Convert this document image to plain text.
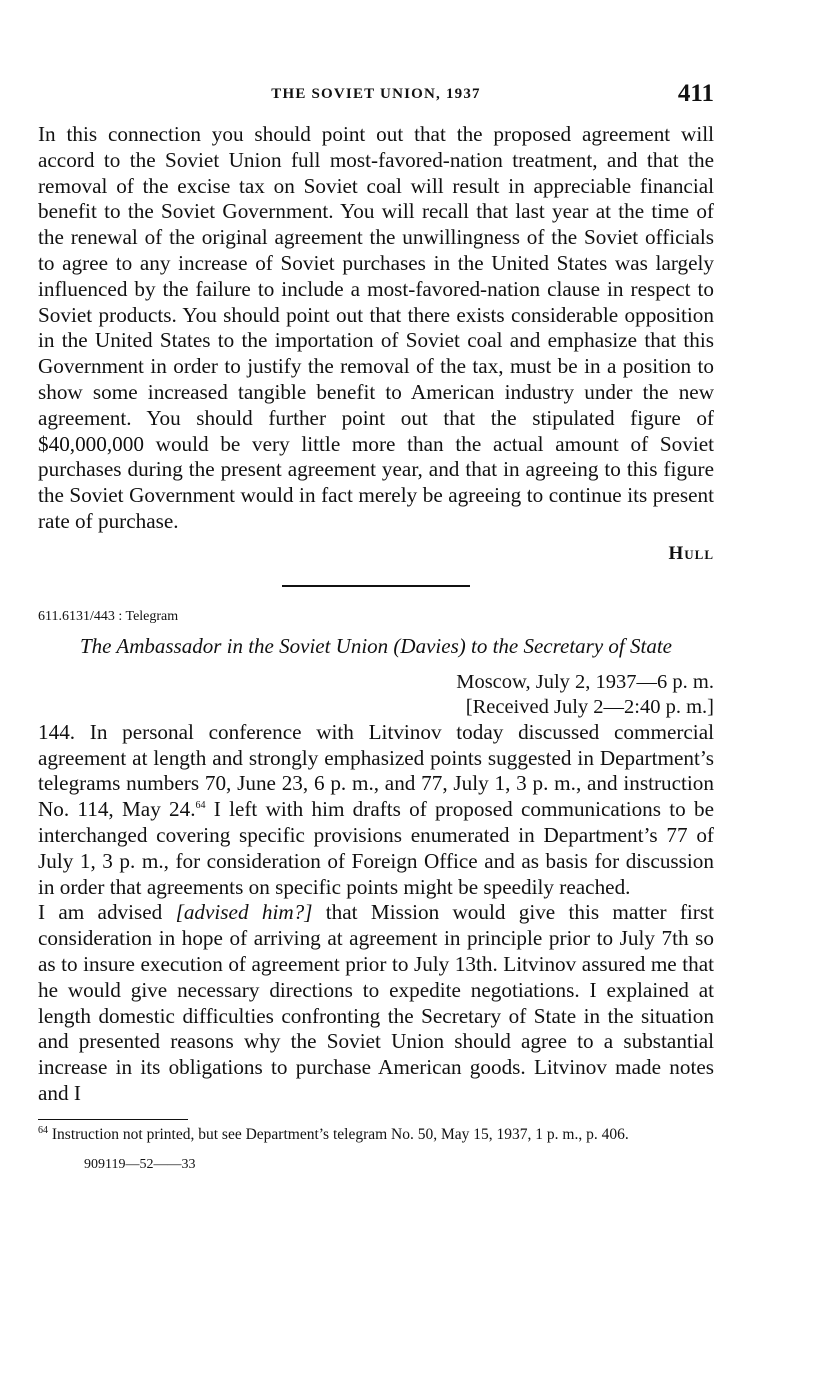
THE SOVIET UNION, 1937	411

In this connection you should point out that the proposed agreement will accord to the Soviet Union full most-favored-nation treatment, and that the removal of the excise tax on Soviet coal will result in appreciable financial benefit to the Soviet Government. You will recall that last year at the time of the renewal of the original agreement the unwillingness of the Soviet officials to agree to any increase of Soviet purchases in the United States was largely influenced by the failure to include a most-favored-nation clause in respect to Soviet products. You should point out that there exists considerable opposition in the United States to the importation of Soviet coal and emphasize that this Government in order to justify the removal of the tax, must be in a position to show some increased tangible benefit to American industry under the new agreement. You should further point out that the stipulated figure of $40,000,000 would be very little more than the actual amount of Soviet purchases during the present agreement year, and that in agreeing to this figure the Soviet Government would in fact merely be agreeing to continue its present rate of purchase.

Hull
611.6131/443 : Telegram
The Ambassador in the Soviet Union (Davies) to the Secretary of State
Moscow, July 2, 1937—6 p. m.
[Received July 2—2:40 p. m.]

144. In personal conference with Litvinov today discussed commercial agreement at length and strongly emphasized points suggested in Department’s telegrams numbers 70, June 23, 6 p. m., and 77, July 1, 3 p. m., and instruction No. 114, May 24.64 I left with him drafts of proposed communications to be interchanged covering specific provisions enumerated in Department’s 77 of July 1, 3 p. m., for consideration of Foreign Office and as basis for discussion in order that agreements on specific points might be speedily reached.

I am advised [advised him?] that Mission would give this matter first consideration in hope of arriving at agreement in principle prior to July 7th so as to insure execution of agreement prior to July 13th. Litvinov assured me that he would give necessary directions to expedite negotiations. I explained at length domestic difficulties confronting the Secretary of State in the situation and presented reasons why the Soviet Union should agree to a substantial increase in its obligations to purchase American goods. Litvinov made notes and I

$^{64}$ Instruction not printed, but see Department’s telegram No. 50, May 15, 1937, 1 p. m., p. 406.
909119—52——33
